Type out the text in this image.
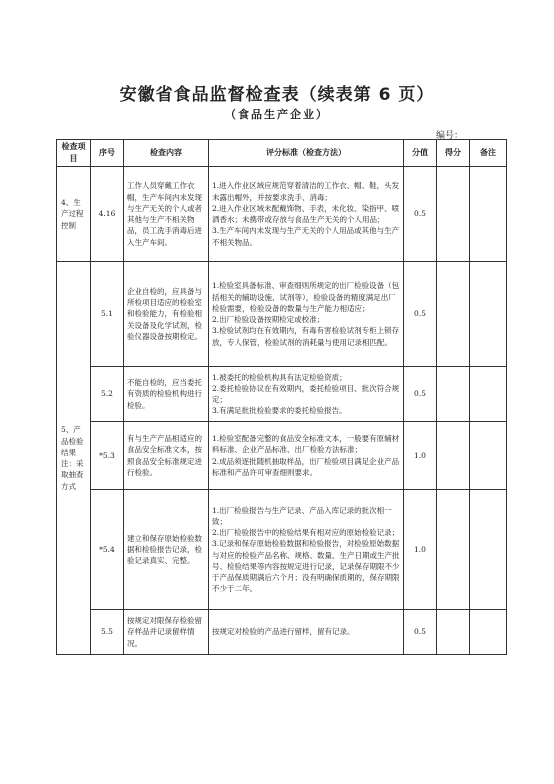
安徽省食品监督检查表（续表第 6 页）
（食品生产企业）
编号：
检查项目	序号	检查内容	评分标准（检查方法）	分值	得分	备注
4、生产过程控制	4.16	工作人员穿戴工作衣帽，生产车间内未发现与生产无关的个人或者其他与生产不相关物品，员工洗手消毒后进入生产车间。	1.进入作业区域应规范穿着清洁的工作衣、帽、鞋，头发未露出帽外，并按要求洗手、消毒；
2.进入作业区域未配戴饰物、手表，未化妆、染指甲、喷洒香水；未携带或存放与食品生产无关的个人用品；
3.生产车间内未发现与生产无关的个人用品或其他与生产不相关物品。	0.5		
5、产品检验结果注：采取抽查方式	5.1	企业自检的，应具备与所检项目适应的检验室和检验能力，有检验相关设备及化学试剂，检验仪器设备按期检定。	1.检验室具备标准、审查细则所规定的出厂检验设备（包括相关的辅助设施、试剂等），检验设备的精度满足出厂检验需要，检验设备的数量与生产能力相适应；
2.出厂检验设备按期检定或校准；
3.检验试剂均在有效期内，有毒有害检验试剂专柜上锁存放，专人保管，检验试剂的消耗量与使用记录相匹配。	0.5		
	5.2	不能自检的，应当委托有资质的检验机构进行检验。	1.被委托的检验机构具有法定检验资质；
2.委托检验协议在有效期内，委托检验项目、批次符合规定；
3.有满足批批检验要求的委托检验报告。	0.5		
	*5.3	有与生产产品相适应的食品安全标准文本，按照食品安全标准规定进行检验。	1.检验室配备完整的食品安全标准文本，一般要有原辅材料标准、企业产品标准、出厂检验方法标准；
2.成品须逐批随机抽取样品，出厂检验项目满足企业产品标准和产品许可审查细则要求。	1.0		
	*5.4	建立和保存原始检验数据和检验报告记录，检验记录真实、完整。	1.出厂检验报告与生产记录、产品入库记录的批次相一致；
2.出厂检验报告中的检验结果有相对应的原始检验记录；
3.记录和保存原始检验数据和检验报告，对检验原始数据与对应的检验产品名称、规格、数量、生产日期或生产批号、检验结果等内容按规定进行记录，记录保存期限不少于产品保质期满后六个月；没有明确保质期的，保存期限不少于二年。	1.0		
	5.5	按规定对限保存检验留存样品并记录留样情况。	按规定对检验的产品进行留样，留有记录。	0.5		
